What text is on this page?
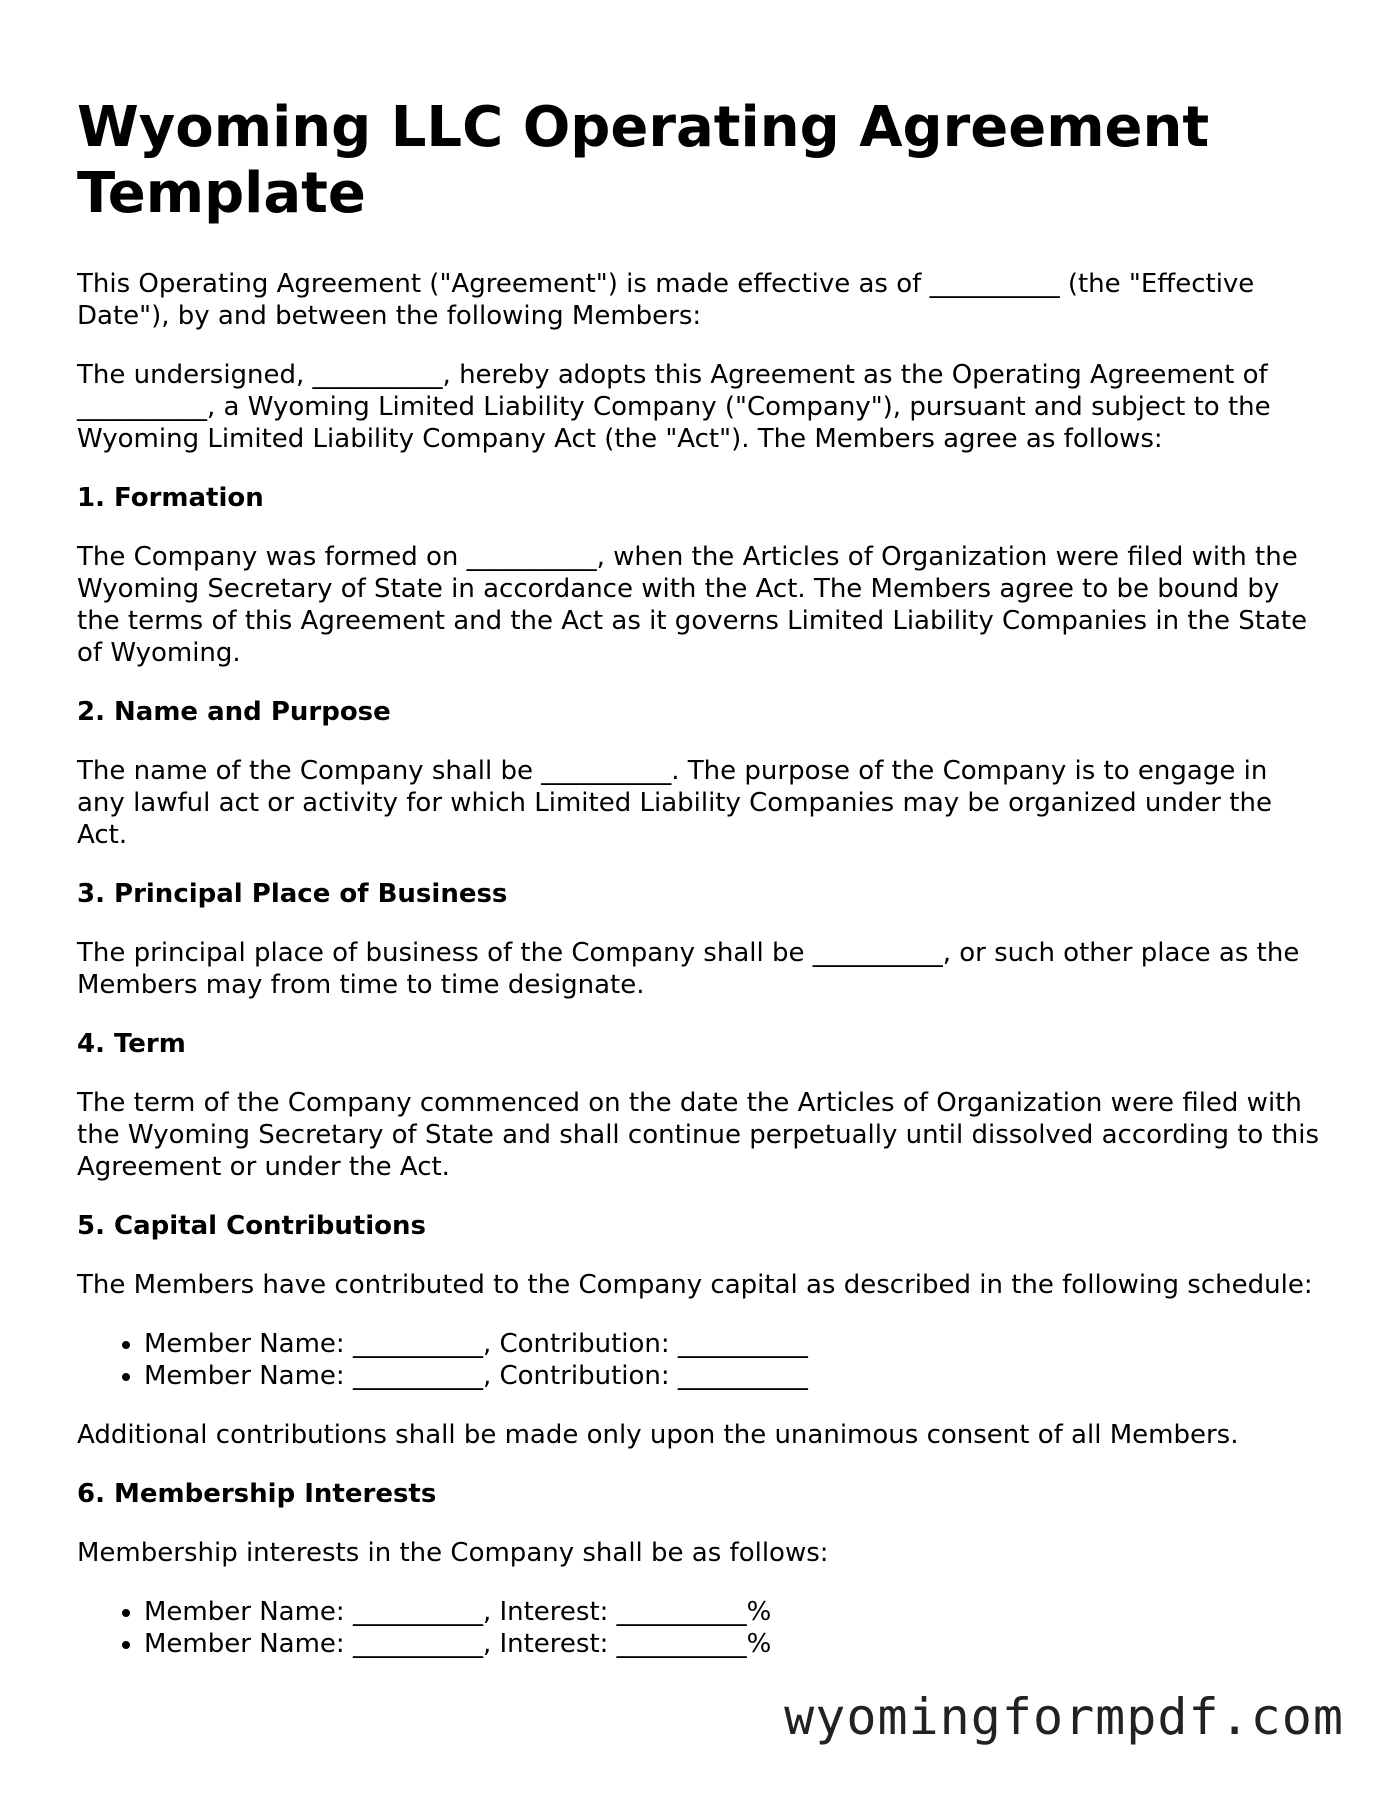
Wyoming LLC Operating Agreement Template

This Operating Agreement ("Agreement") is made effective as of __________ (the "Effective Date"), by and between the following Members:

The undersigned, __________, hereby adopts this Agreement as the Operating Agreement of __________, a Wyoming Limited Liability Company ("Company"), pursuant and subject to the Wyoming Limited Liability Company Act (the "Act"). The Members agree as follows:

1. Formation

The Company was formed on __________, when the Articles of Organization were filed with the Wyoming Secretary of State in accordance with the Act. The Members agree to be bound by the terms of this Agreement and the Act as it governs Limited Liability Companies in the State of Wyoming.

2. Name and Purpose

The name of the Company shall be __________. The purpose of the Company is to engage in any lawful act or activity for which Limited Liability Companies may be organized under the Act.

3. Principal Place of Business

The principal place of business of the Company shall be __________, or such other place as the Members may from time to time designate.

4. Term

The term of the Company commenced on the date the Articles of Organization were filed with the Wyoming Secretary of State and shall continue perpetually until dissolved according to this Agreement or under the Act.

5. Capital Contributions

The Members have contributed to the Company capital as described in the following schedule:

• Member Name: __________, Contribution: __________
• Member Name: __________, Contribution: __________

Additional contributions shall be made only upon the unanimous consent of all Members.

6. Membership Interests

Membership interests in the Company shall be as follows:

• Member Name: __________, Interest: __________%
• Member Name: __________, Interest: __________%
wyomingformpdf.com
